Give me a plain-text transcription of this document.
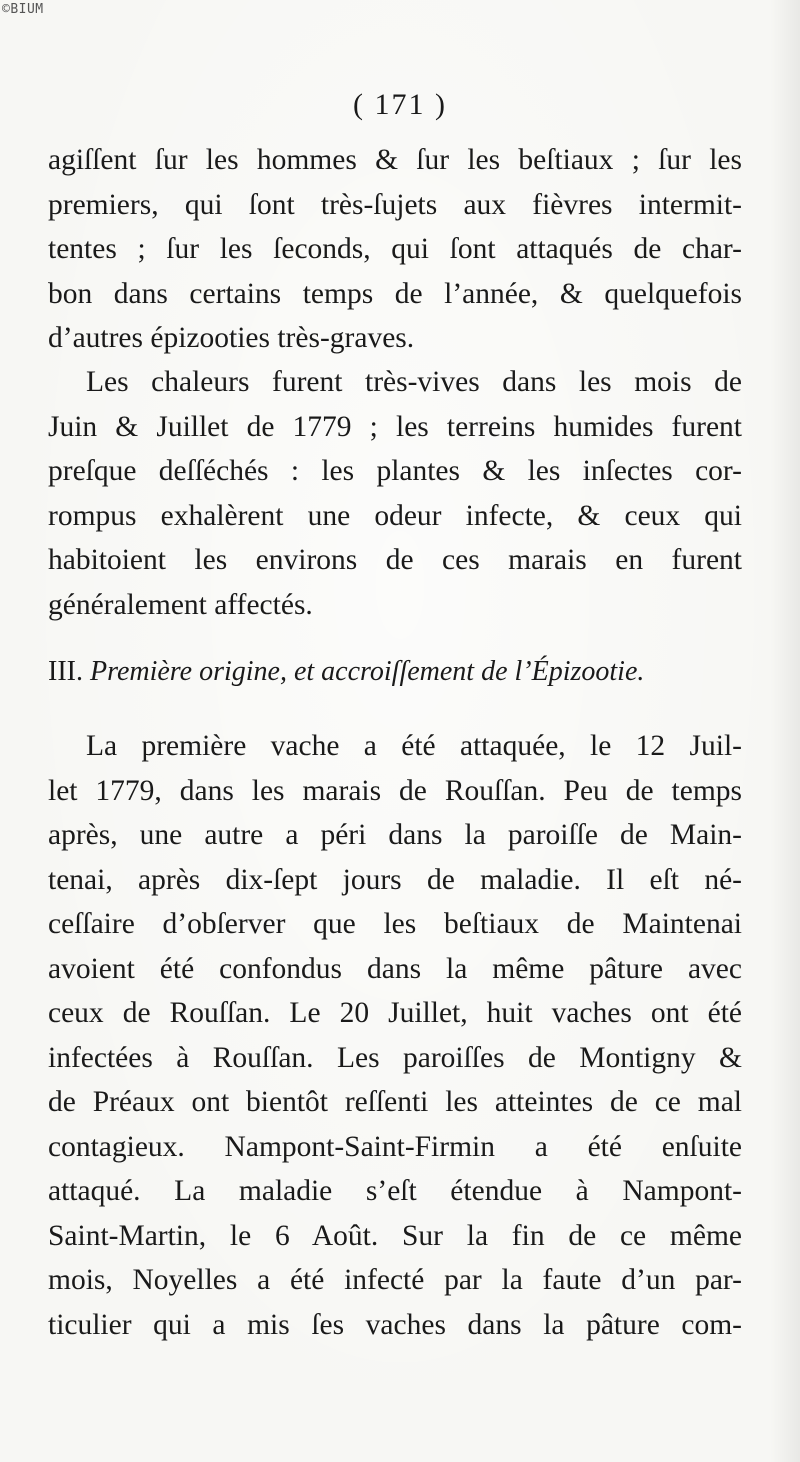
©BIUM
( 171 )
agiſſent ſur les hommes & ſur les beſtiaux ; ſur les
premiers, qui ſont très-ſujets aux fièvres intermit-
tentes ; ſur les ſeconds, qui ſont attaqués de char-
bon dans certains temps de l’année, & quelquefois
d’autres épizooties très-graves.
Les chaleurs furent très-vives dans les mois de
Juin & Juillet de 1779 ; les terreins humides furent
preſque deſſéchés : les plantes & les inſectes cor-
rompus exhalèrent une odeur infecte, & ceux qui
habitoient les environs de ces marais en furent
généralement affectés.
III. Première origine, et accroiſſement de l’Épizootie.
La première vache a été attaquée, le 12 Juil-
let 1779, dans les marais de Rouſſan. Peu de temps
après, une autre a péri dans la paroiſſe de Main-
tenai, après dix-ſept jours de maladie. Il eſt né-
ceſſaire d’obſerver que les beſtiaux de Maintenai
avoient été confondus dans la même pâture avec
ceux de Rouſſan. Le 20 Juillet, huit vaches ont été
infectées à Rouſſan. Les paroiſſes de Montigny &
de Préaux ont bientôt reſſenti les atteintes de ce mal
contagieux. Nampont-Saint-Firmin a été enſuite
attaqué. La maladie s’eſt étendue à Nampont-
Saint-Martin, le 6 Août. Sur la fin de ce même
mois, Noyelles a été infecté par la faute d’un par-
ticulier qui a mis ſes vaches dans la pâture com-
